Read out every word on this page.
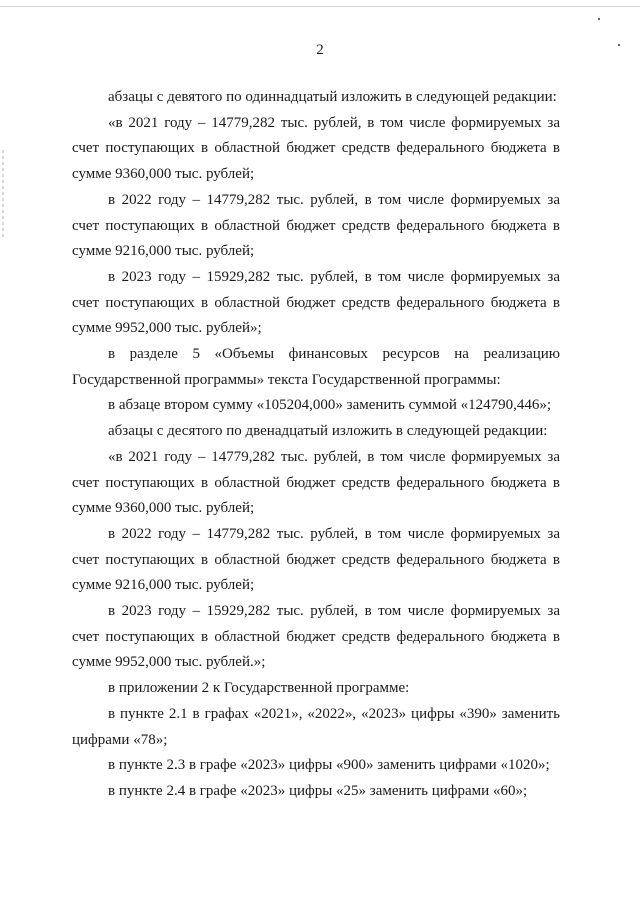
2

абзацы с девятого по одиннадцатый изложить в следующей редакции:

«в 2021 году – 14779,282 тыс. рублей, в том числе формируемых за счет поступающих в областной бюджет средств федерального бюджета в сумме 9360,000 тыс. рублей;

в 2022 году – 14779,282 тыс. рублей, в том числе формируемых за счет поступающих в областной бюджет средств федерального бюджета в сумме 9216,000 тыс. рублей;

в 2023 году – 15929,282 тыс. рублей, в том числе формируемых за счет поступающих в областной бюджет средств федерального бюджета в сумме 9952,000 тыс. рублей»;

в разделе 5 «Объемы финансовых ресурсов на реализацию Государственной программы» текста Государственной программы:

в абзаце втором сумму «105204,000» заменить суммой «124790,446»;

абзацы с десятого по двенадцатый изложить в следующей редакции:

«в 2021 году – 14779,282 тыс. рублей, в том числе формируемых за счет поступающих в областной бюджет средств федерального бюджета в сумме 9360,000 тыс. рублей;

в 2022 году – 14779,282 тыс. рублей, в том числе формируемых за счет поступающих в областной бюджет средств федерального бюджета в сумме 9216,000 тыс. рублей;

в 2023 году – 15929,282 тыс. рублей, в том числе формируемых за счет поступающих в областной бюджет средств федерального бюджета в сумме 9952,000 тыс. рублей.»;

в приложении 2 к Государственной программе:

в пункте 2.1 в графах «2021», «2022», «2023» цифры «390» заменить цифрами «78»;

в пункте 2.3 в графе «2023» цифры «900» заменить цифрами «1020»;

в пункте 2.4 в графе «2023» цифры «25» заменить цифрами «60»;
